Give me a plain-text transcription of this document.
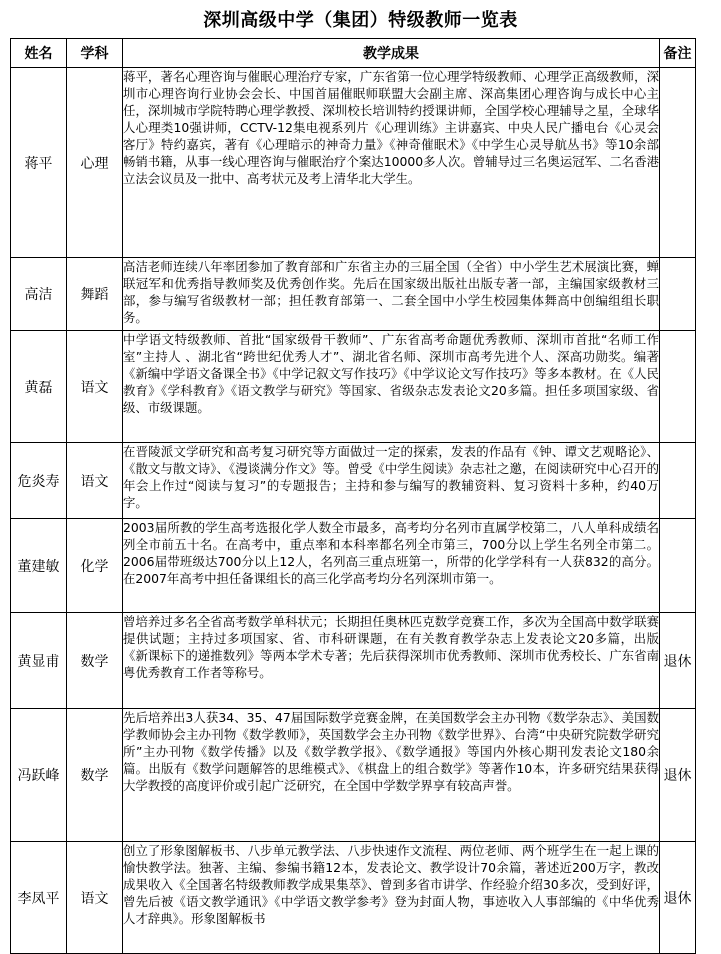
深圳高级中学（集团）特级教师一览表
姓名	学科	教学成果	备注
蒋平	心理	蒋平，著名心理咨询与催眠心理治疗专家，广东省第一位心理学特级教师、心理学正高级教师，深圳市心理咨询行业协会会长、中国首届催眠师联盟大会副主席、深高集团心理咨询与成长中心主任，深圳城市学院特聘心理学教授、深圳校长培训特约授课讲师，全国学校心理辅导之星，全球华人心理类10强讲师，CCTV-12集电视系列片《心理训练》主讲嘉宾、中央人民广播电台《心灵会客厅》特约嘉宾，著有《心理暗示的神奇力量》《神奇催眠术》《中学生心灵导航丛书》等10余部畅销书籍，从事一线心理咨询与催眠治疗个案达10000多人次。曾辅导过三名奥运冠军、二名香港立法会议员及一批中、高考状元及考上清华北大学生。	

高洁	舞蹈	高洁老师连续八年率团参加了教育部和广东省主办的三届全国（全省）中小学生艺术展演比赛，蝉联冠军和优秀指导教师奖及优秀创作奖。先后在国家级出版社出版专著一部，主编国家级教材三部，参与编写省级教材一部；担任教育部第一、二套全国中小学生校园集体舞高中创编组组长职务。	

黄磊	语文	中学语文特级教师、首批“国家级骨干教师”、广东省高考命题优秀教师、深圳市首批“名师工作室”主持人 、湖北省“跨世纪优秀人才”、湖北省名师、深圳市高考先进个人、深高功勋奖。编著《新编中学语文备课全书》《中学记叙文写作技巧》《中学议论文写作技巧》等多本教材。在《人民教育》《学科教育》《语文教学与研究》等国家、省级杂志发表论文20多篇。担任多项国家级、省级、市级课题。	

危炎寿	语文	在晋陵派文学研究和高考复习研究等方面做过一定的探索，发表的作品有《钟、谭文艺观略论》、《散文与散文诗》、《漫谈满分作文》等。曾受《中学生阅读》杂志社之邀，在阅读研究中心召开的年会上作过“阅读与复习”的专题报告；主持和参与编写的教辅资料、复习资料十多种，约40万字。	

董建敏	化学	2003届所教的学生高考选报化学人数全市最多，高考均分名列市直属学校第二，八人单科成绩名列全市前五十名。在高考中，重点率和本科率都名列全市第三，700分以上学生名列全市第二。2006届带班级达700分以上12人，名列高三重点班第一，所带的化学学科有一人获832的高分。在2007年高考中担任备课组长的高三化学高考均分名列深圳市第一。	

黄显甫	数学	曾培养过多名全省高考数学单科状元；长期担任奥林匹克数学竞赛工作，多次为全国高中数学联赛提供试题；主持过多项国家、省、市科研课题，在有关教育教学杂志上发表论文20多篇，出版《新课标下的递推数列》等两本学术专著；先后获得深圳市优秀教师、深圳市优秀校长、广东省南粤优秀教育工作者等称号。	退休
冯跃峰	数学	先后培养出3人获34、35、47届国际数学竞赛金牌，在美国数学会主办刊物《数学杂志》、美国数学教师协会主办刊物《数学教师》，英国数学会主办刊物《数学世界》、台湾“中央研究院数学研究所”主办刊物《数学传播》以及《数学教学报》、《数学通报》等国内外核心期刊发表论文180余篇。出版有《数学问题解答的思维模式》、《棋盘上的组合数学》等著作10本，许多研究结果获得大学教授的高度评价或引起广泛研究，在全国中学数学界享有较高声誉。	退休
李凤平	语文	创立了形象图解板书、八步单元教学法、八步快速作文流程、两位老师、两个班学生在一起上课的愉快教学法。独著、主编、参编书籍12本，发表论文、教学设计70余篇，著述近200万字，教改成果收入《全国著名特级教师教学成果集萃》、曾到多省市讲学、作经验介绍30多次，受到好评，曾先后被《语文教学通讯》《中学语文教学参考》登为封面人物，事迹收入人事部编的《中华优秀人才辞典》。形象图解板书	退休
